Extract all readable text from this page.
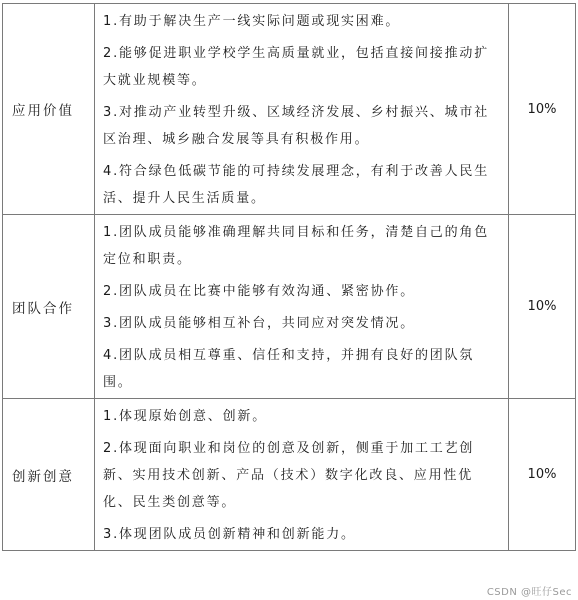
应用价值	1.有助于解决生产一线实际问题或现实困难。

2.能够促进职业学校学生高质量就业，包括直接间接推动扩大就业规模等。

3.对推动产业转型升级、区域经济发展、乡村振兴、城市社区治理、城乡融合发展等具有积极作用。

4.符合绿色低碳节能的可持续发展理念，有利于改善人民生活、提升人民生活质量。	10%
团队合作	1.团队成员能够准确理解共同目标和任务，清楚自己的角色定位和职责。

2.团队成员在比赛中能够有效沟通、紧密协作。

3.团队成员能够相互补台，共同应对突发情况。

4.团队成员相互尊重、信任和支持，并拥有良好的团队氛围。	10%
创新创意	1.体现原始创意、创新。

2.体现面向职业和岗位的创意及创新，侧重于加工工艺创新、实用技术创新、产品（技术）数字化改良、应用性优化、民生类创意等。

3.体现团队成员创新精神和创新能力。	10%
CSDN @旺仔Sec
